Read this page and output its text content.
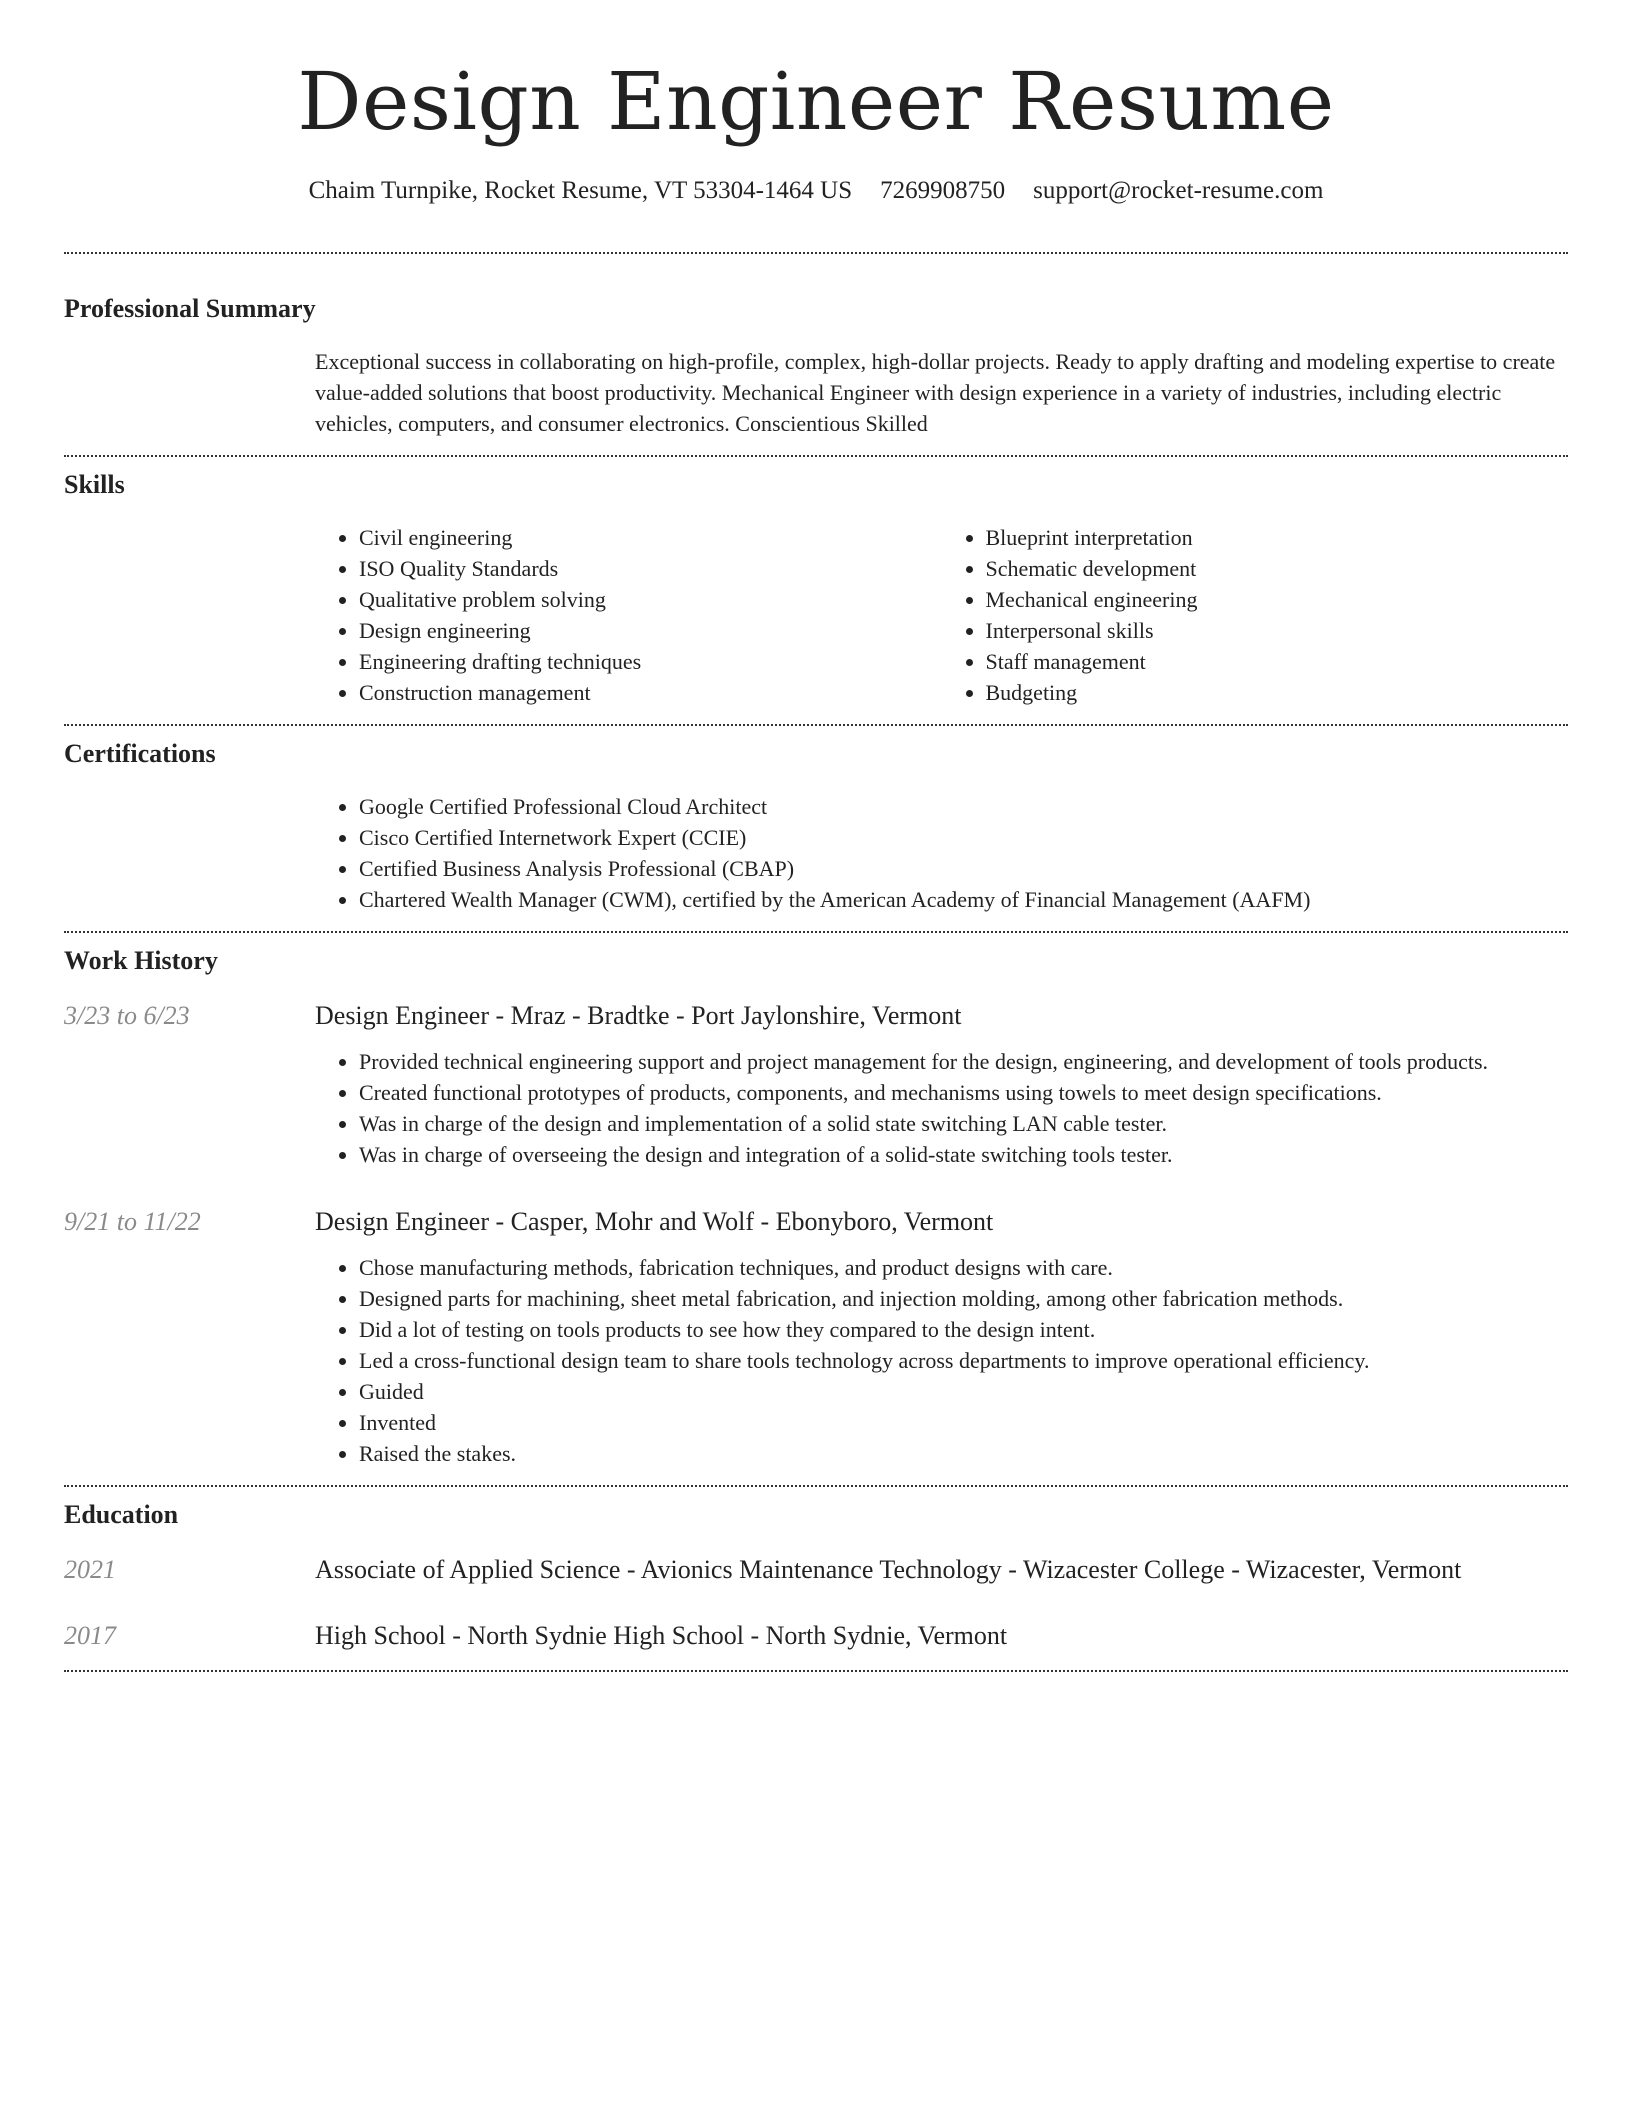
Design Engineer Resume
Chaim Turnpike, Rocket Resume, VT 53304-1464 US 7269908750 support@rocket-resume.com
Professional Summary
Exceptional success in collaborating on high-profile, complex, high-dollar projects. Ready to apply drafting and modeling expertise to create value-added solutions that boost productivity. Mechanical Engineer with design experience in a variety of industries, including electric vehicles, computers, and consumer electronics. Conscientious Skilled
Skills
• Civil engineering
• ISO Quality Standards
• Qualitative problem solving
• Design engineering
• Engineering drafting techniques
• Construction management
• Blueprint interpretation
• Schematic development
• Mechanical engineering
• Interpersonal skills
• Staff management
• Budgeting
Certifications
• Google Certified Professional Cloud Architect
• Cisco Certified Internetwork Expert (CCIE)
• Certified Business Analysis Professional (CBAP)
• Chartered Wealth Manager (CWM), certified by the American Academy of Financial Management (AAFM)
Work History
3/23 to 6/23	Design Engineer - Mraz - Bradtke - Port Jaylonshire, Vermont
• Provided technical engineering support and project management for the design, engineering, and development of tools products.
• Created functional prototypes of products, components, and mechanisms using towels to meet design specifications.
• Was in charge of the design and implementation of a solid state switching LAN cable tester.
• Was in charge of overseeing the design and integration of a solid-state switching tools tester.
9/21 to 11/22	Design Engineer - Casper, Mohr and Wolf - Ebonyboro, Vermont
• Chose manufacturing methods, fabrication techniques, and product designs with care.
• Designed parts for machining, sheet metal fabrication, and injection molding, among other fabrication methods.
• Did a lot of testing on tools products to see how they compared to the design intent.
• Led a cross-functional design team to share tools technology across departments to improve operational efficiency.
• Guided
• Invented
• Raised the stakes.
Education
2021	Associate of Applied Science - Avionics Maintenance Technology - Wizacester College - Wizacester, Vermont
2017	High School - North Sydnie High School - North Sydnie, Vermont
